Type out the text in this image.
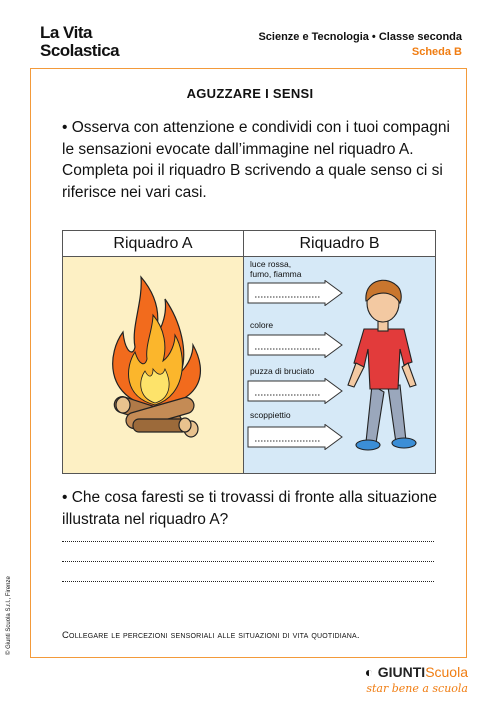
La Vita
Scolastica
Scienze e Tecnologia • Classe seconda
Scheda B
AGUZZARE I SENSI
• Osserva con attenzione e condividi con i tuoi compagni le sensazioni evocate dall’immagine nel riquadro A. Completa poi il riquadro B scrivendo a quale senso ci si riferisce nei vari casi.
Riquadro A	Riquadro B
luce rossa,
fumo, fiamma
colore
puzza di bruciato
scoppiettio
• Che cosa faresti se ti trovassi di fronte alla situazione illustrata nel riquadro A?
Collegare le percezioni sensoriali alle situazioni di vita quotidiana.
© Giunti Scuola S.r.l., Firenze
◐ GIUNTIScuola
star bene a scuola
